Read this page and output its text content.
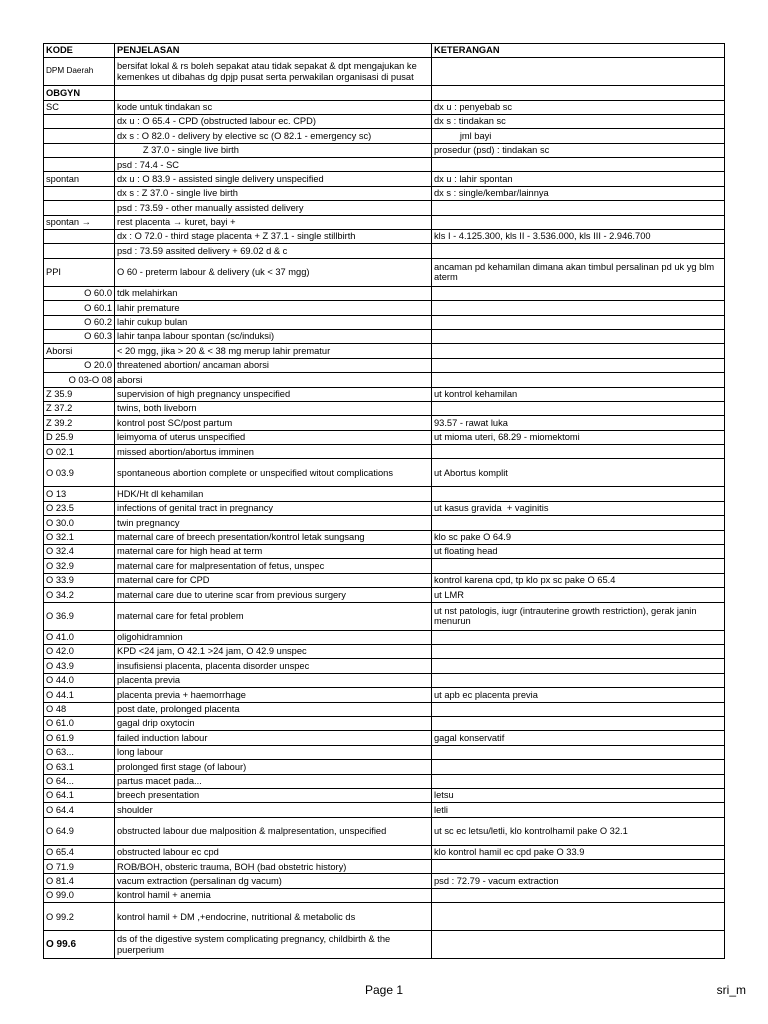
KODE	PENJELASAN	KETERANGAN
DPM Daerah	bersifat lokal & rs boleh sepakat atau tidak sepakat & dpt mengajukan ke kemenkes ut dibahas dg dpjp pusat serta perwakilan organisasi di pusat	
OBGYN		
SC	kode untuk tindakan sc	dx u : penyebab sc
	dx u : O 65.4 - CPD (obstructed labour ec. CPD)	dx s : tindakan sc
	dx s : O 82.0 - delivery by elective sc (O 82.1 - emergency sc)	jml bayi
	Z 37.0 - single live birth	prosedur (psd) : tindakan sc
	psd : 74.4 - SC	
spontan	dx u : O 83.9 - assisted single delivery unspecified	dx u : lahir spontan
	dx s : Z 37.0 - single live birth	dx s : single/kembar/lainnya
	psd : 73.59 - other manually assisted delivery	
spontan →	rest placenta → kuret, bayi +	
	dx : O 72.0 - third stage placenta + Z 37.1 - single stillbirth	kls I - 4.125.300, kls II - 3.536.000, kls III - 2.946.700
	psd : 73.59 assited delivery + 69.02 d & c	
PPI	O 60 - preterm labour & delivery (uk < 37 mgg)	ancaman pd kehamilan dimana akan timbul persalinan pd uk yg blm aterm
O 60.0	tdk melahirkan	
O 60.1	lahir premature	
O 60.2	lahir cukup bulan	
O 60.3	lahir tanpa labour spontan (sc/induksi)	
Aborsi	< 20 mgg, jika > 20 & < 38 mg merup lahir prematur	
O 20.0	threatened abortion/ ancaman aborsi	
O 03-O 08	aborsi	
Z 35.9	supervision of high pregnancy unspecified	ut kontrol kehamilan
Z 37.2	twins, both liveborn	
Z 39.2	kontrol post SC/post partum	93.57 - rawat luka
D 25.9	leimyoma of uterus unspecified	ut mioma uteri, 68.29 - miomektomi
O 02.1	missed abortion/abortus imminen	
O 03.9	spontaneous abortion complete or unspecified witout complications	ut Abortus komplit
O 13	HDK/Ht dl kehamilan	
O 23.5	infections of genital tract in pregnancy	ut kasus gravida  + vaginitis
O 30.0	twin pregnancy	
O 32.1	maternal care of breech presentation/kontrol letak sungsang	klo sc pake O 64.9
O 32.4	maternal care for high head at term	ut floating head
O 32.9	maternal care for malpresentation of fetus, unspec	
O 33.9	maternal care for CPD	kontrol karena cpd, tp klo px sc pake O 65.4
O 34.2	maternal care due to uterine scar from previous surgery	ut LMR
O 36.9	maternal care for fetal problem	ut nst patologis, iugr (intrauterine growth restriction), gerak janin menurun
O 41.0	oligohidramnion	
O 42.0	KPD <24 jam, O 42.1 >24 jam, O 42.9 unspec	
O 43.9	insufisiensi placenta, placenta disorder unspec	
O 44.0	placenta previa	
O 44.1	placenta previa + haemorrhage	ut apb ec placenta previa
O 48	post date, prolonged placenta	
O 61.0	gagal drip oxytocin	
O 61.9	failed induction labour	gagal konservatif
O 63...	long labour	
O 63.1	prolonged first stage (of labour)	
O 64...	partus macet pada...	
O 64.1	breech presentation	letsu
O 64.4	shoulder	letli
O 64.9	obstructed labour due malposition & malpresentation, unspecified	ut sc ec letsu/letli, klo kontrolhamil pake O 32.1
O 65.4	obstructed labour ec cpd	klo kontrol hamil ec cpd pake O 33.9
O 71.9	ROB/BOH, obsteric trauma, BOH (bad obstetric history)	
O 81.4	vacum extraction (persalinan dg vacum)	psd : 72.79 - vacum extraction
O 99.0	kontrol hamil + anemia	
O 99.2	kontrol hamil + DM ,+endocrine, nutritional & metabolic ds	
O 99.6	ds of the digestive system complicating pregnancy, childbirth & the puerperium	
Page 1	sri_m
